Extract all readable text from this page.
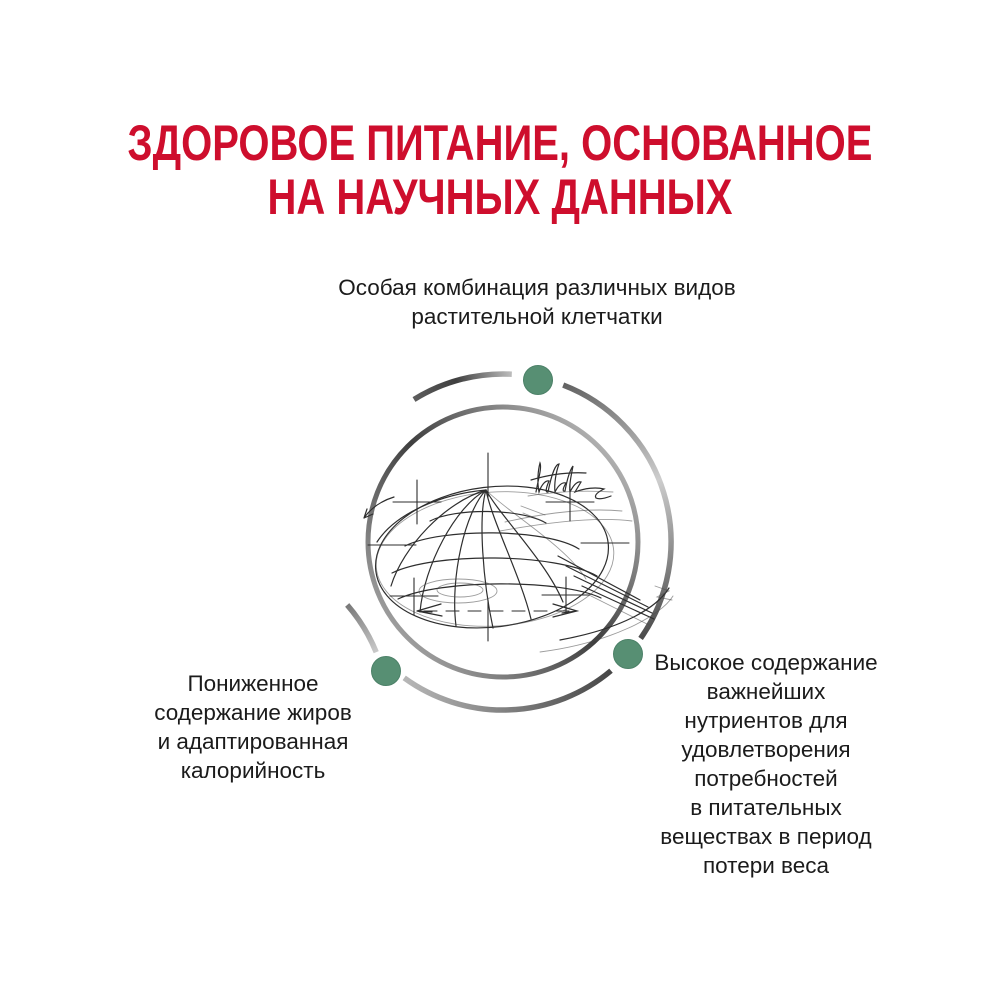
ЗДОРОВОЕ ПИТАНИЕ, ОСНОВАННОЕ
НА НАУЧНЫХ ДАННЫХ
Особая комбинация различных видов
растительной клетчатки
Пониженное
содержание жиров
и адаптированная
калорийность
Высокое содержание
важнейших
нутриентов для
удовлетворения
потребностей
в питательных
веществах в период
потери веса
